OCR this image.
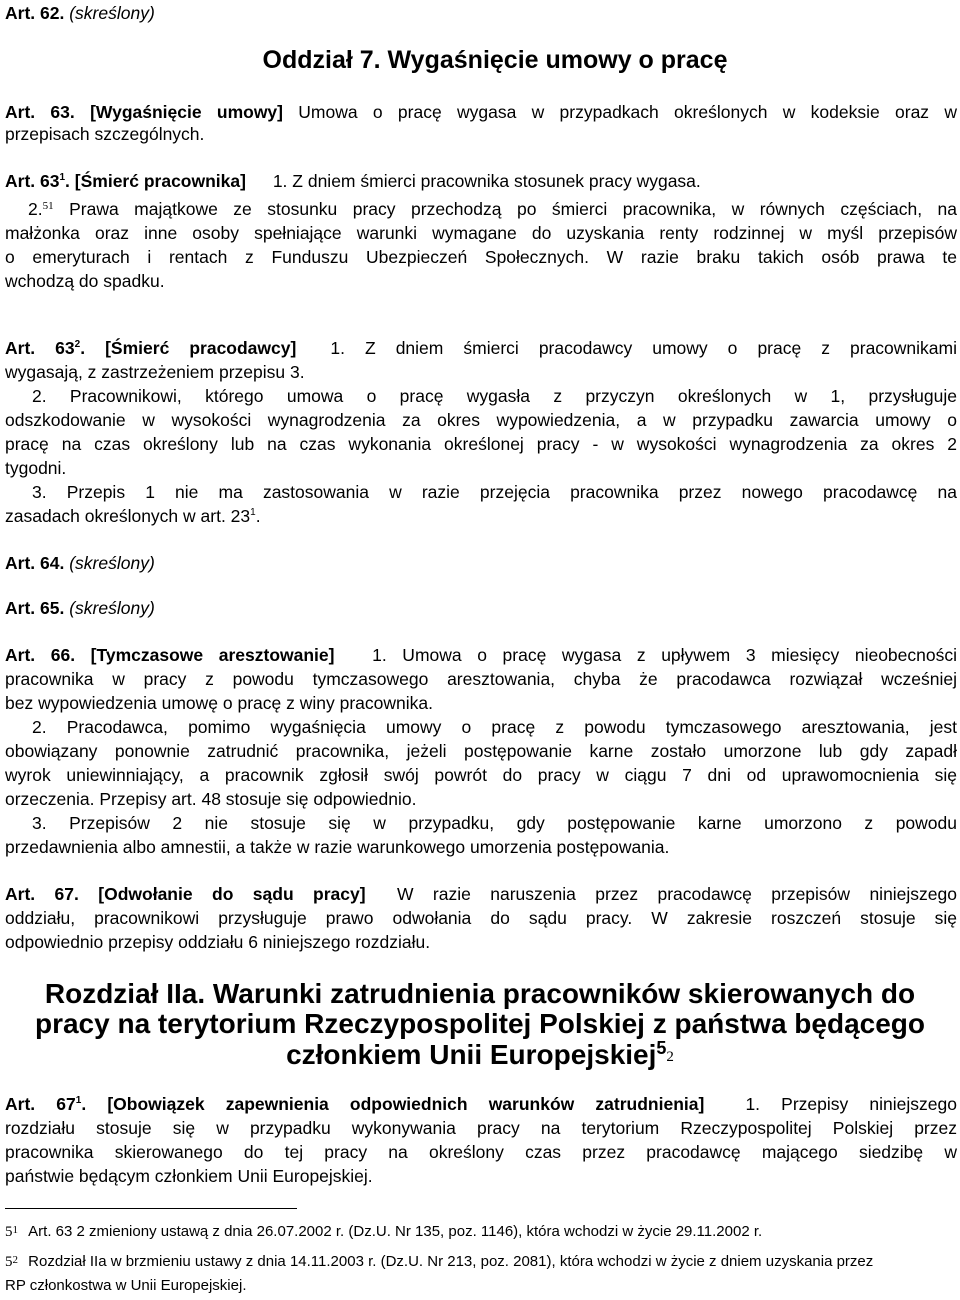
Art. 62. (skreślony)
Oddział 7. Wygaśnięcie umowy o pracę
Art. 63. [Wygaśnięcie umowy] Umowa o pracę wygasa w przypadkach określonych w kodeksie oraz w
przepisach szczególnych.
Art. $63^1$. [Śmierć pracownika] 1. Z dniem śmierci pracownika stosunek pracy wygasa.
2.51 Prawa majątkowe ze stosunku pracy przechodzą po śmierci pracownika, w równych częściach, na
małżonka oraz inne osoby spełniające warunki wymagane do uzyskania renty rodzinnej w myśl przepisów
o emeryturach i rentach z Funduszu Ubezpieczeń Społecznych. W razie braku takich osób prawa te
wchodzą do spadku.
Art. $63^2$. [Śmierć pracodawcy] 1. Z dniem śmierci pracodawcy umowy o pracę z pracownikami
wygasają, z zastrzeżeniem przepisu 3.
2. Pracownikowi, którego umowa o pracę wygasła z przyczyn określonych w 1, przysługuje
odszkodowanie w wysokości wynagrodzenia za okres wypowiedzenia, a w przypadku zawarcia umowy o
pracę na czas określony lub na czas wykonania określonej pracy - w wysokości wynagrodzenia za okres 2
tygodni.
3. Przepis 1 nie ma zastosowania w razie przejęcia pracownika przez nowego pracodawcę na
zasadach określonych w art. $23^1$.
Art. 64. (skreślony)
Art. 65. (skreślony)
Art. 66. [Tymczasowe aresztowanie] 1. Umowa o pracę wygasa z upływem 3 miesięcy nieobecności
pracownika w pracy z powodu tymczasowego aresztowania, chyba że pracodawca rozwiązał wcześniej
bez wypowiedzenia umowę o pracę z winy pracownika.
2. Pracodawca, pomimo wygaśnięcia umowy o pracę z powodu tymczasowego aresztowania, jest
obowiązany ponownie zatrudnić pracownika, jeżeli postępowanie karne zostało umorzone lub gdy zapadł
wyrok uniewinniający, a pracownik zgłosił swój powrót do pracy w ciągu 7 dni od uprawomocnienia się
orzeczenia. Przepisy art. 48 stosuje się odpowiednio.
3. Przepisów 2 nie stosuje się w przypadku, gdy postępowanie karne umorzono z powodu
przedawnienia albo amnestii, a także w razie warunkowego umorzenia postępowania.
Art. 67. [Odwołanie do sądu pracy] W razie naruszenia przez pracodawcę przepisów niniejszego
oddziału, pracownikowi przysługuje prawo odwołania do sądu pracy. W zakresie roszczeń stosuje się
odpowiednio przepisy oddziału 6 niniejszego rozdziału.
Rozdział IIa. Warunki zatrudnienia pracowników skierowanych do
pracy na terytorium Rzeczypospolitej Polskiej z państwa będącego
członkiem Unii Europejskiej$^5$2
Art. $67^1$. [Obowiązek zapewnienia odpowiednich warunków zatrudnienia] 1. Przepisy niniejszego
rozdziału stosuje się w przypadku wykonywania pracy na terytorium Rzeczypospolitej Polskiej przez
pracownika skierowanego do tej pracy na określony czas przez pracodawcę mającego siedzibę w
państwie będącym członkiem Unii Europejskiej.
5$^1$ Art. 63 2 zmieniony ustawą z dnia 26.07.2002 r. (Dz.U. Nr 135, poz. 1146), która wchodzi w życie 29.11.2002 r.
5$^2$ Rozdział IIa w brzmieniu ustawy z dnia 14.11.2003 r. (Dz.U. Nr 213, poz. 2081), która wchodzi w życie z dniem uzyskania przez
RP członkostwa w Unii Europejskiej.
